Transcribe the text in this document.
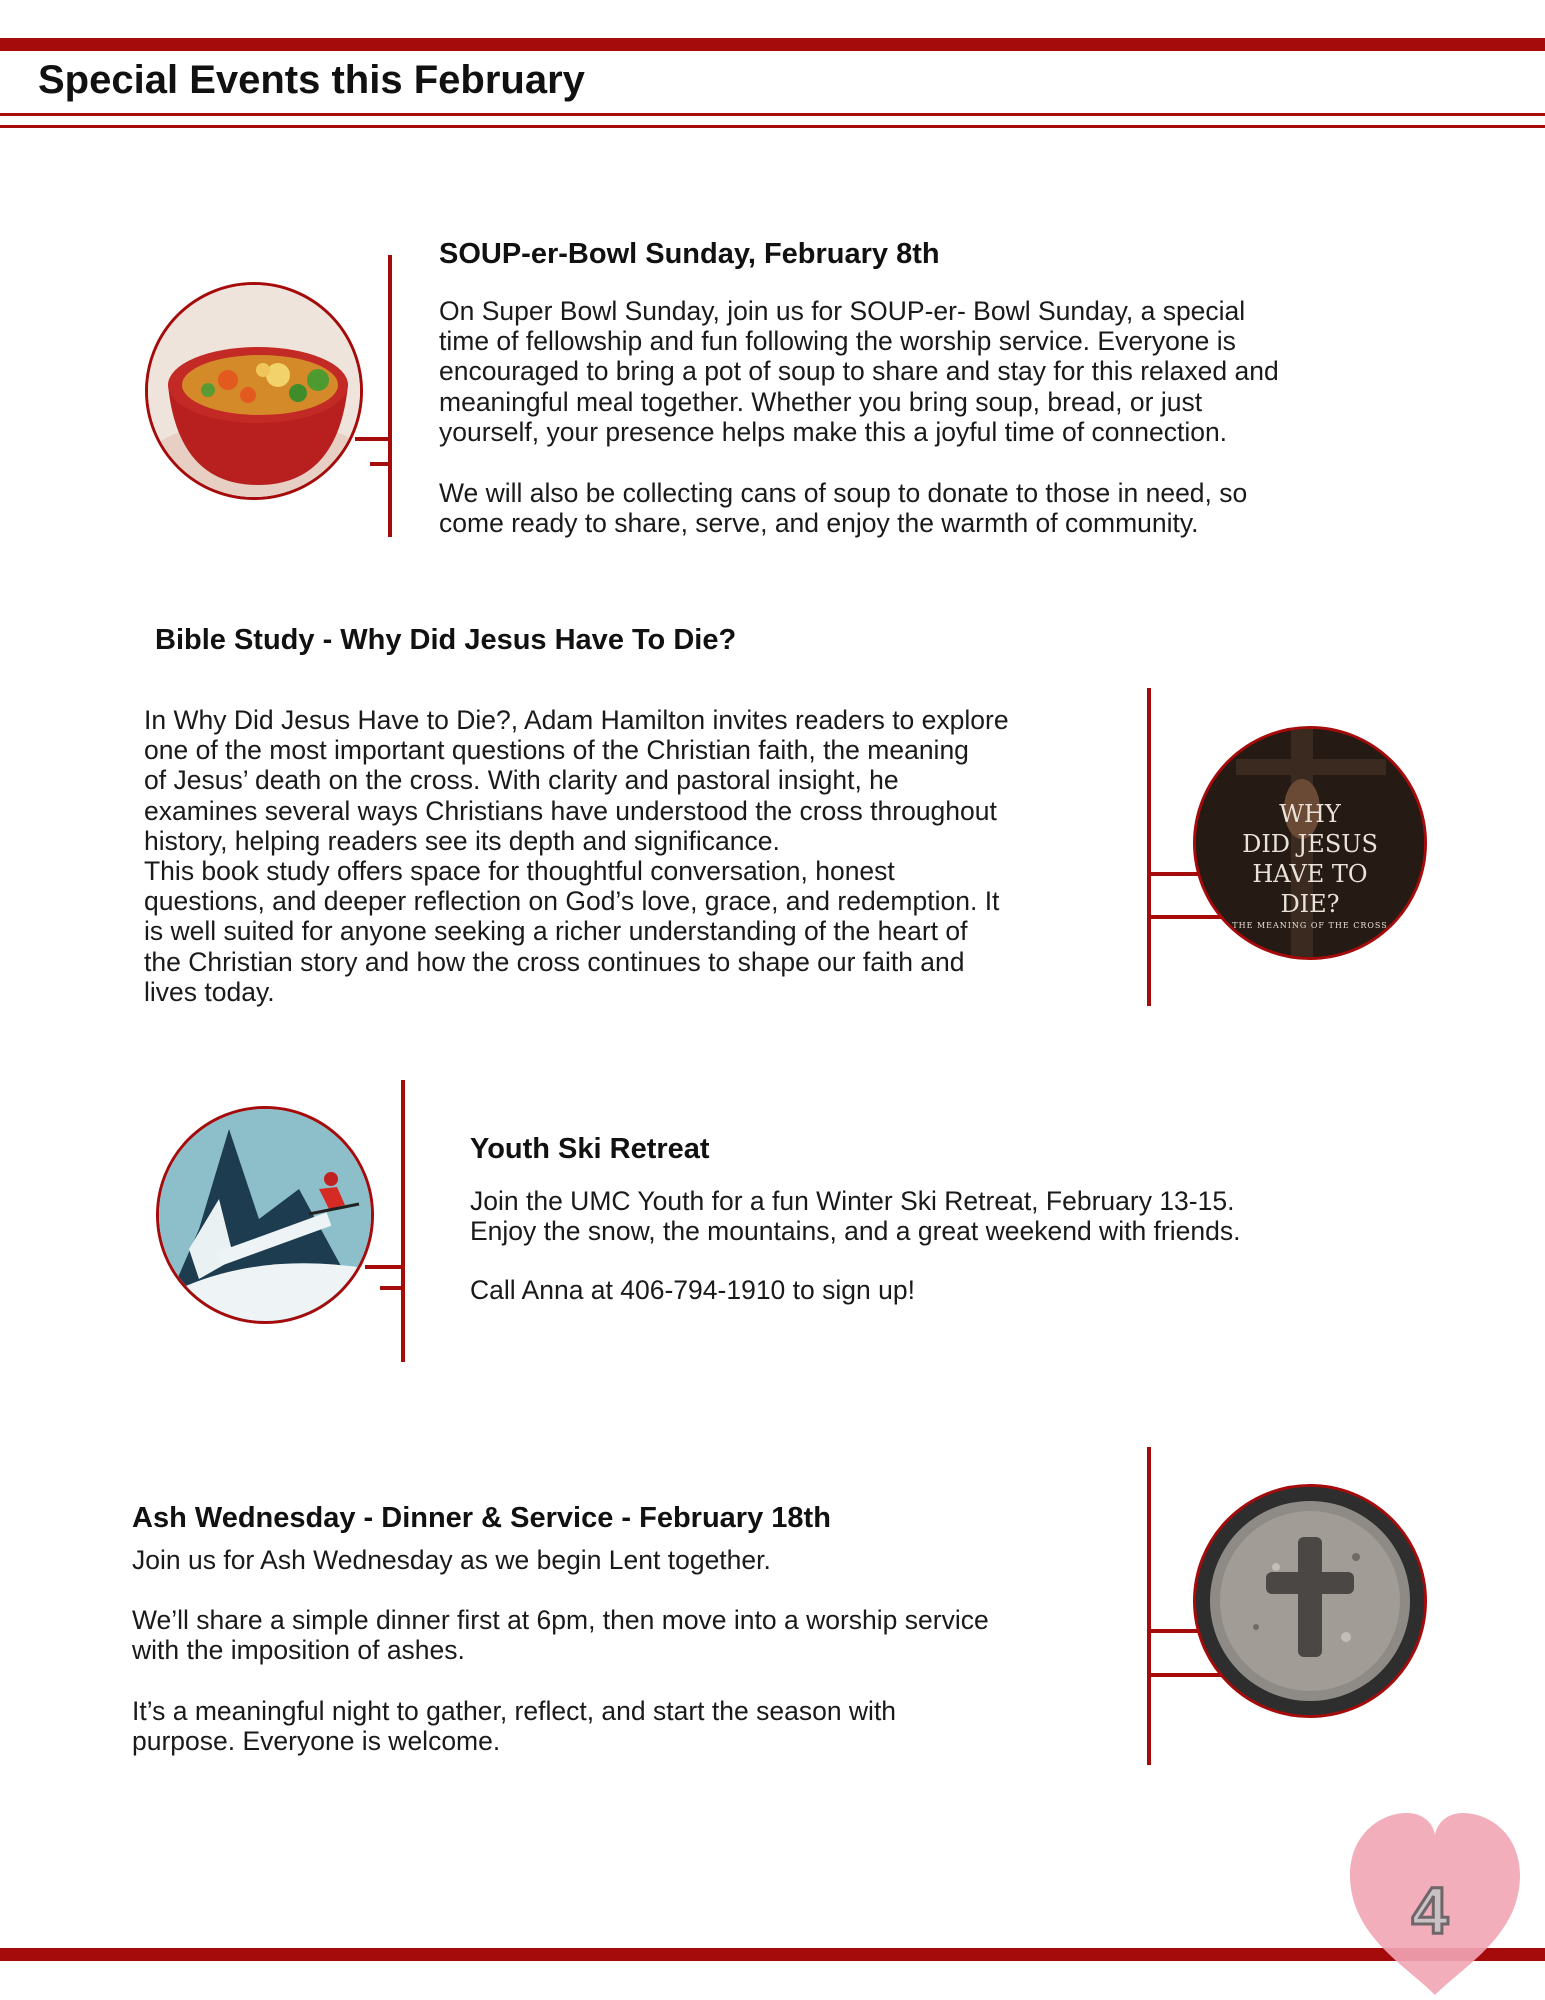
Special Events this February
SOUP-er-Bowl Sunday, February 8th
On Super Bowl Sunday, join us for SOUP-er- Bowl Sunday, a special
time of fellowship and fun following the worship service. Everyone is
encouraged to bring a pot of soup to share and stay for this relaxed and
meaningful meal together. Whether you bring soup, bread, or just
yourself, your presence helps make this a joyful time of connection.
We will also be collecting cans of soup to donate to those in need, so
come ready to share, serve, and enjoy the warmth of community.
Bible Study - Why Did Jesus Have To Die?
In Why Did Jesus Have to Die?, Adam Hamilton invites readers to explore
one of the most important questions of the Christian faith, the meaning
of Jesus’ death on the cross. With clarity and pastoral insight, he
examines several ways Christians have understood the cross throughout
history, helping readers see its depth and significance.
This book study offers space for thoughtful conversation, honest
questions, and deeper reflection on God’s love, grace, and redemption. It
is well suited for anyone seeking a richer understanding of the heart of
the Christian story and how the cross continues to shape our faith and
lives today.
WHY
DID JESUS
HAVE TO
DIE?
THE MEANING OF THE CROSS
Youth Ski Retreat
Join the UMC Youth for a fun Winter Ski Retreat, February 13-15.
Enjoy the snow, the mountains, and a great weekend with friends.
Call Anna at 406-794-1910 to sign up!
Ash Wednesday - Dinner & Service - February 18th
Join us for Ash Wednesday as we begin Lent together.
We’ll share a simple dinner first at 6pm, then move into a worship service
with the imposition of ashes.
It’s a meaningful night to gather, reflect, and start the season with
purpose. Everyone is welcome.
4
